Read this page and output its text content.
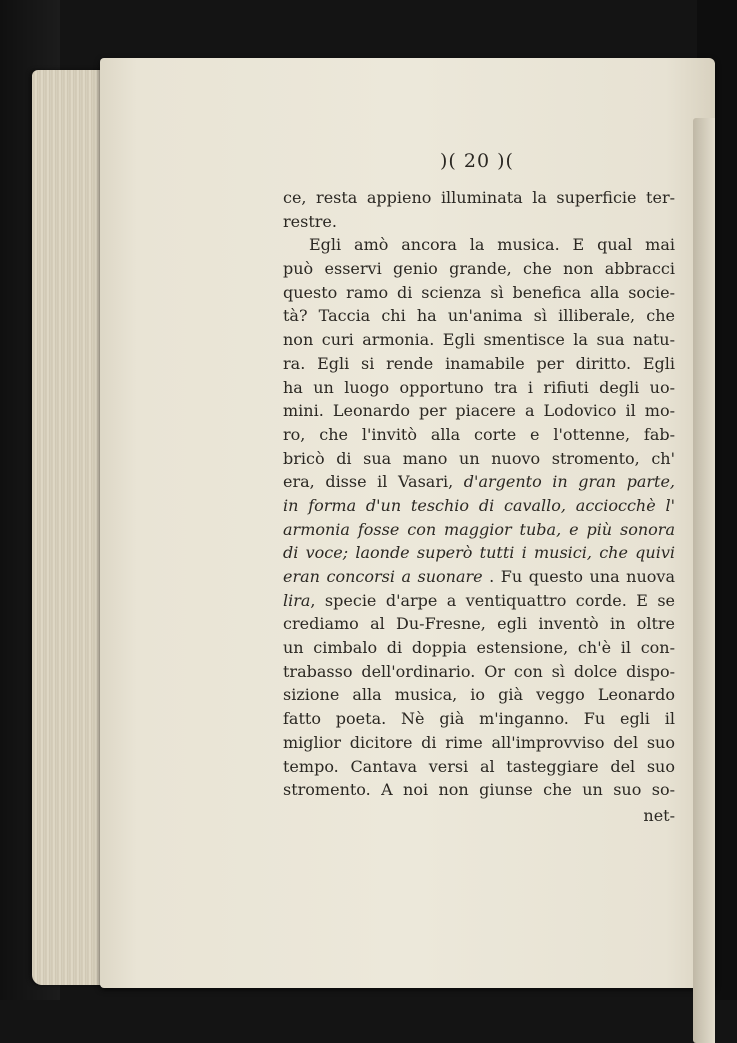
)( 20 )(
ce, resta appieno illuminata la superficie ter-
restre.
Egli amò ancora la musica. E qual mai
può esservi genio grande, che non abbracci
questo ramo di scienza sì benefica alla socie-
tà? Taccia chi ha un'anima sì illiberale, che
non curi armonia. Egli smentisce la sua natu-
ra. Egli si rende inamabile per diritto. Egli
ha un luogo opportuno tra i rifiuti degli uo-
mini. Leonardo per piacere a Lodovico il mo-
ro, che l'invitò alla corte e l'ottenne, fab-
bricò di sua mano un nuovo stromento, ch'
era, disse il Vasari, d'argento in gran parte,
in forma d'un teschio di cavallo, acciocchè l'
armonia fosse con maggior tuba, e più sonora
di voce; laonde superò tutti i musici, che quivi
eran concorsi a suonare . Fu questo una nuova
lira, specie d'arpe a ventiquattro corde. E se
crediamo al Du-Fresne, egli inventò in oltre
un cimbalo di doppia estensione, ch'è il con-
trabasso dell'ordinario. Or con sì dolce dispo-
sizione alla musica, io già veggo Leonardo
fatto poeta. Nè già m'inganno. Fu egli il
miglior dicitore di rime all'improvviso del suo
tempo. Cantava versi al tasteggiare del suo
stromento. A noi non giunse che un suo so-
net-
